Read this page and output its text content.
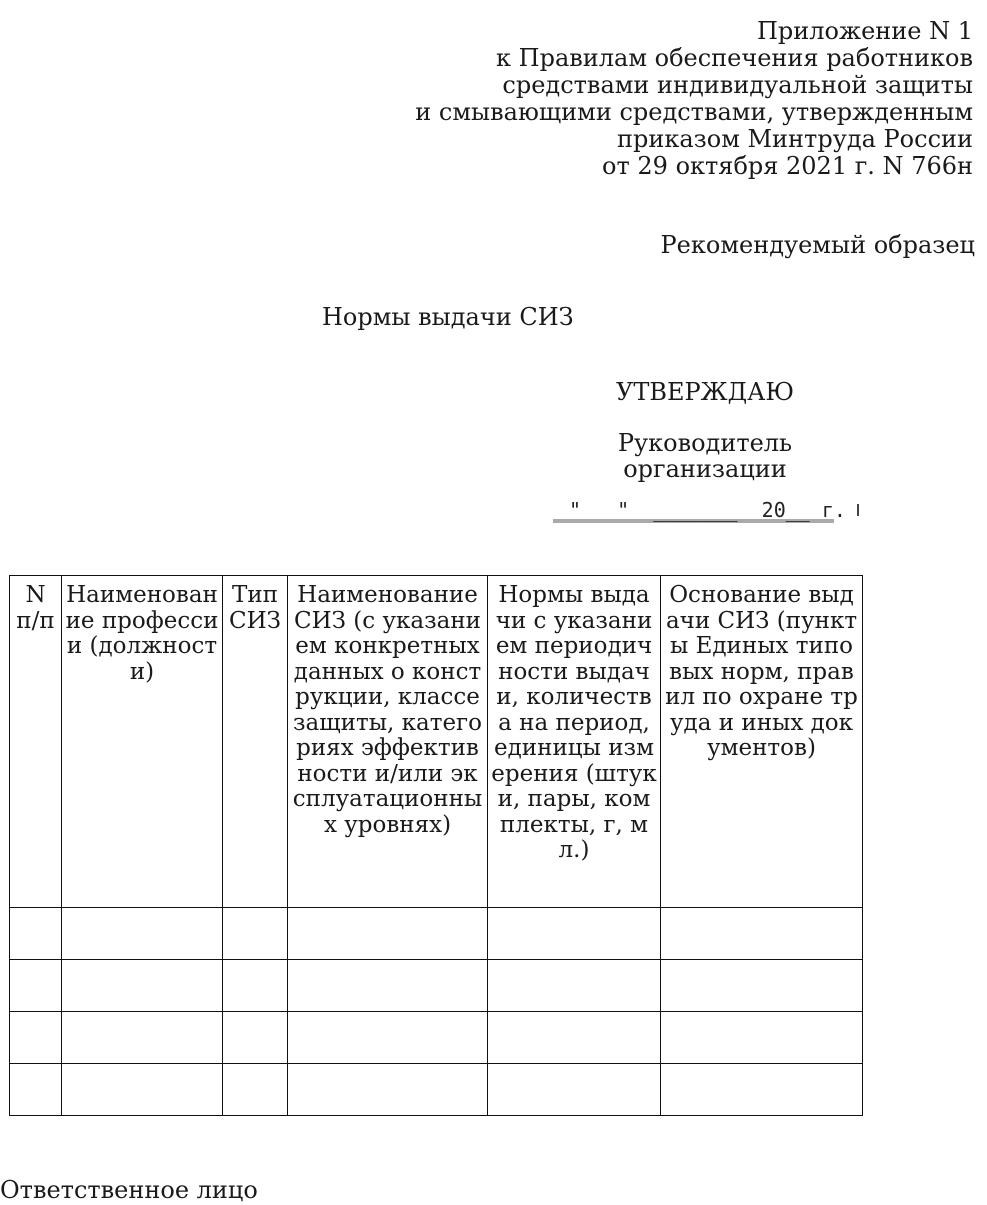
Приложение N 1
к Правилам обеспечения работников
средствами индивидуальной защиты
и смывающими средствами, утвержденным
приказом Минтруда России
от 29 октября 2021 г. N 766н
Рекомендуемый образец
Нормы выдачи СИЗ
УТВЕРЖДАЮ
Руководитель
организации

"   "  _______  20__ г.

N п/п	Наименование профессии (должности)	Тип СИЗ	Наименование СИЗ (с указанием конкретных данных о конструкции, классе защиты, категориях эффективности и/или эксплуатационных уровнях)	Нормы выдачи с указанием периодичности выдачи, количества на период, единицы измерения (штуки, пары, комплекты, г, мл.)	Основание выдачи СИЗ (пункты Единых типовых норм, правил по охране труда и иных документов)

Ответственное лицо
